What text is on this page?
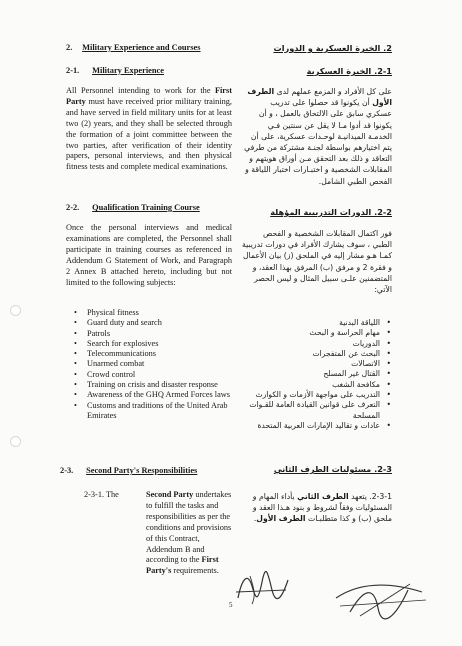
2. Military Experience and Courses
2-1. Military Experience
All Personnel intending to work for the First Party must have received prior military training, and have served in field military units for at least two (2) years, and they shall be selected through the formation of a joint committee between the two parties, after verification of their identity papers, personal interviews, and then physical fitness tests and complete medical examinations.
2-2. Qualification Training Course
Once the personal interviews and medical examinations are completed, the Personnel shall participate in training courses as referenced in Addendum G Statement of Work, and Paragraph 2 Annex B attached hereto, including but not limited to the following subjects:
• Physical fitness
• Guard duty and search
• Patrols
• Search for explosives
• Telecommunications
• Unarmed combat
• Crowd control
• Training on crisis and disaster response
• Awareness of the GHQ Armed Forces laws
• Customs and traditions of the United Arab Emirates
2-3. Second Party's Responsibilities
2-3-1. The	Second Party undertakes to fulfill the tasks and responsibilities as per the conditions and provisions of this Contract, Addendum B and according to the First Party's requirements.
2. الخبرة العسكرية و الدورات
2-1. الخبرة العسكرية
على كل الأفراد و المزمع عملهم لدى الطرف الأول أن يكونوا قد حصلوا على تدريب عسكري سابق على الالتحاق بالعمل ، و أن يكونوا قد أدوا مـا لا يقل عن سنتين فـي الخدمـة الميدانيـة لوحـدات عسكرية، على أن يتم اختيارهم بواسطة لجنـة مشتركة من طرفي التعاقد و ذلك بعد التحقق مـن أوراق هويتهم و المقابلات الشخصية و اختبـارات اختبار اللياقة و الفحص الطبي الشامل.
2-2. الدورات التدريبية المؤهلة
فور اكتمال المقابلات الشخصية و الفحص الطبي ، سوف يشارك الأفراد في دورات تدريبية كمـا هـو مشار إليه في الملحق (ز) بيان الأعمال و فقرة 2 و مرفق (ب) المرفق بهذا العقد، و المتضمنين علـى سبيل المثال و ليس الحصر الآتي:
• اللياقة البدنية
• مهام الحراسة و البحث
• الدوريات
• البحث عن المتفجرات
• الاتصالات
• القتال غير المسلح
• مكافحة الشغب
• التدريب على مواجهة الأزمات و الكوارث
• التعرف على قوانين القيادة العامة للقـوات المسلحة
• عادات و تقاليد الإمارات العربية المتحدة
2-3. مسئوليات الطرف الثاني
2-3-1. يتعهد الطرف الثاني بأداء المهام و المسئوليات وفقاً لشروط و بنود هـذا العقد و ملحق (ب) و كذا متطلبـات الطرف الأول.
5
